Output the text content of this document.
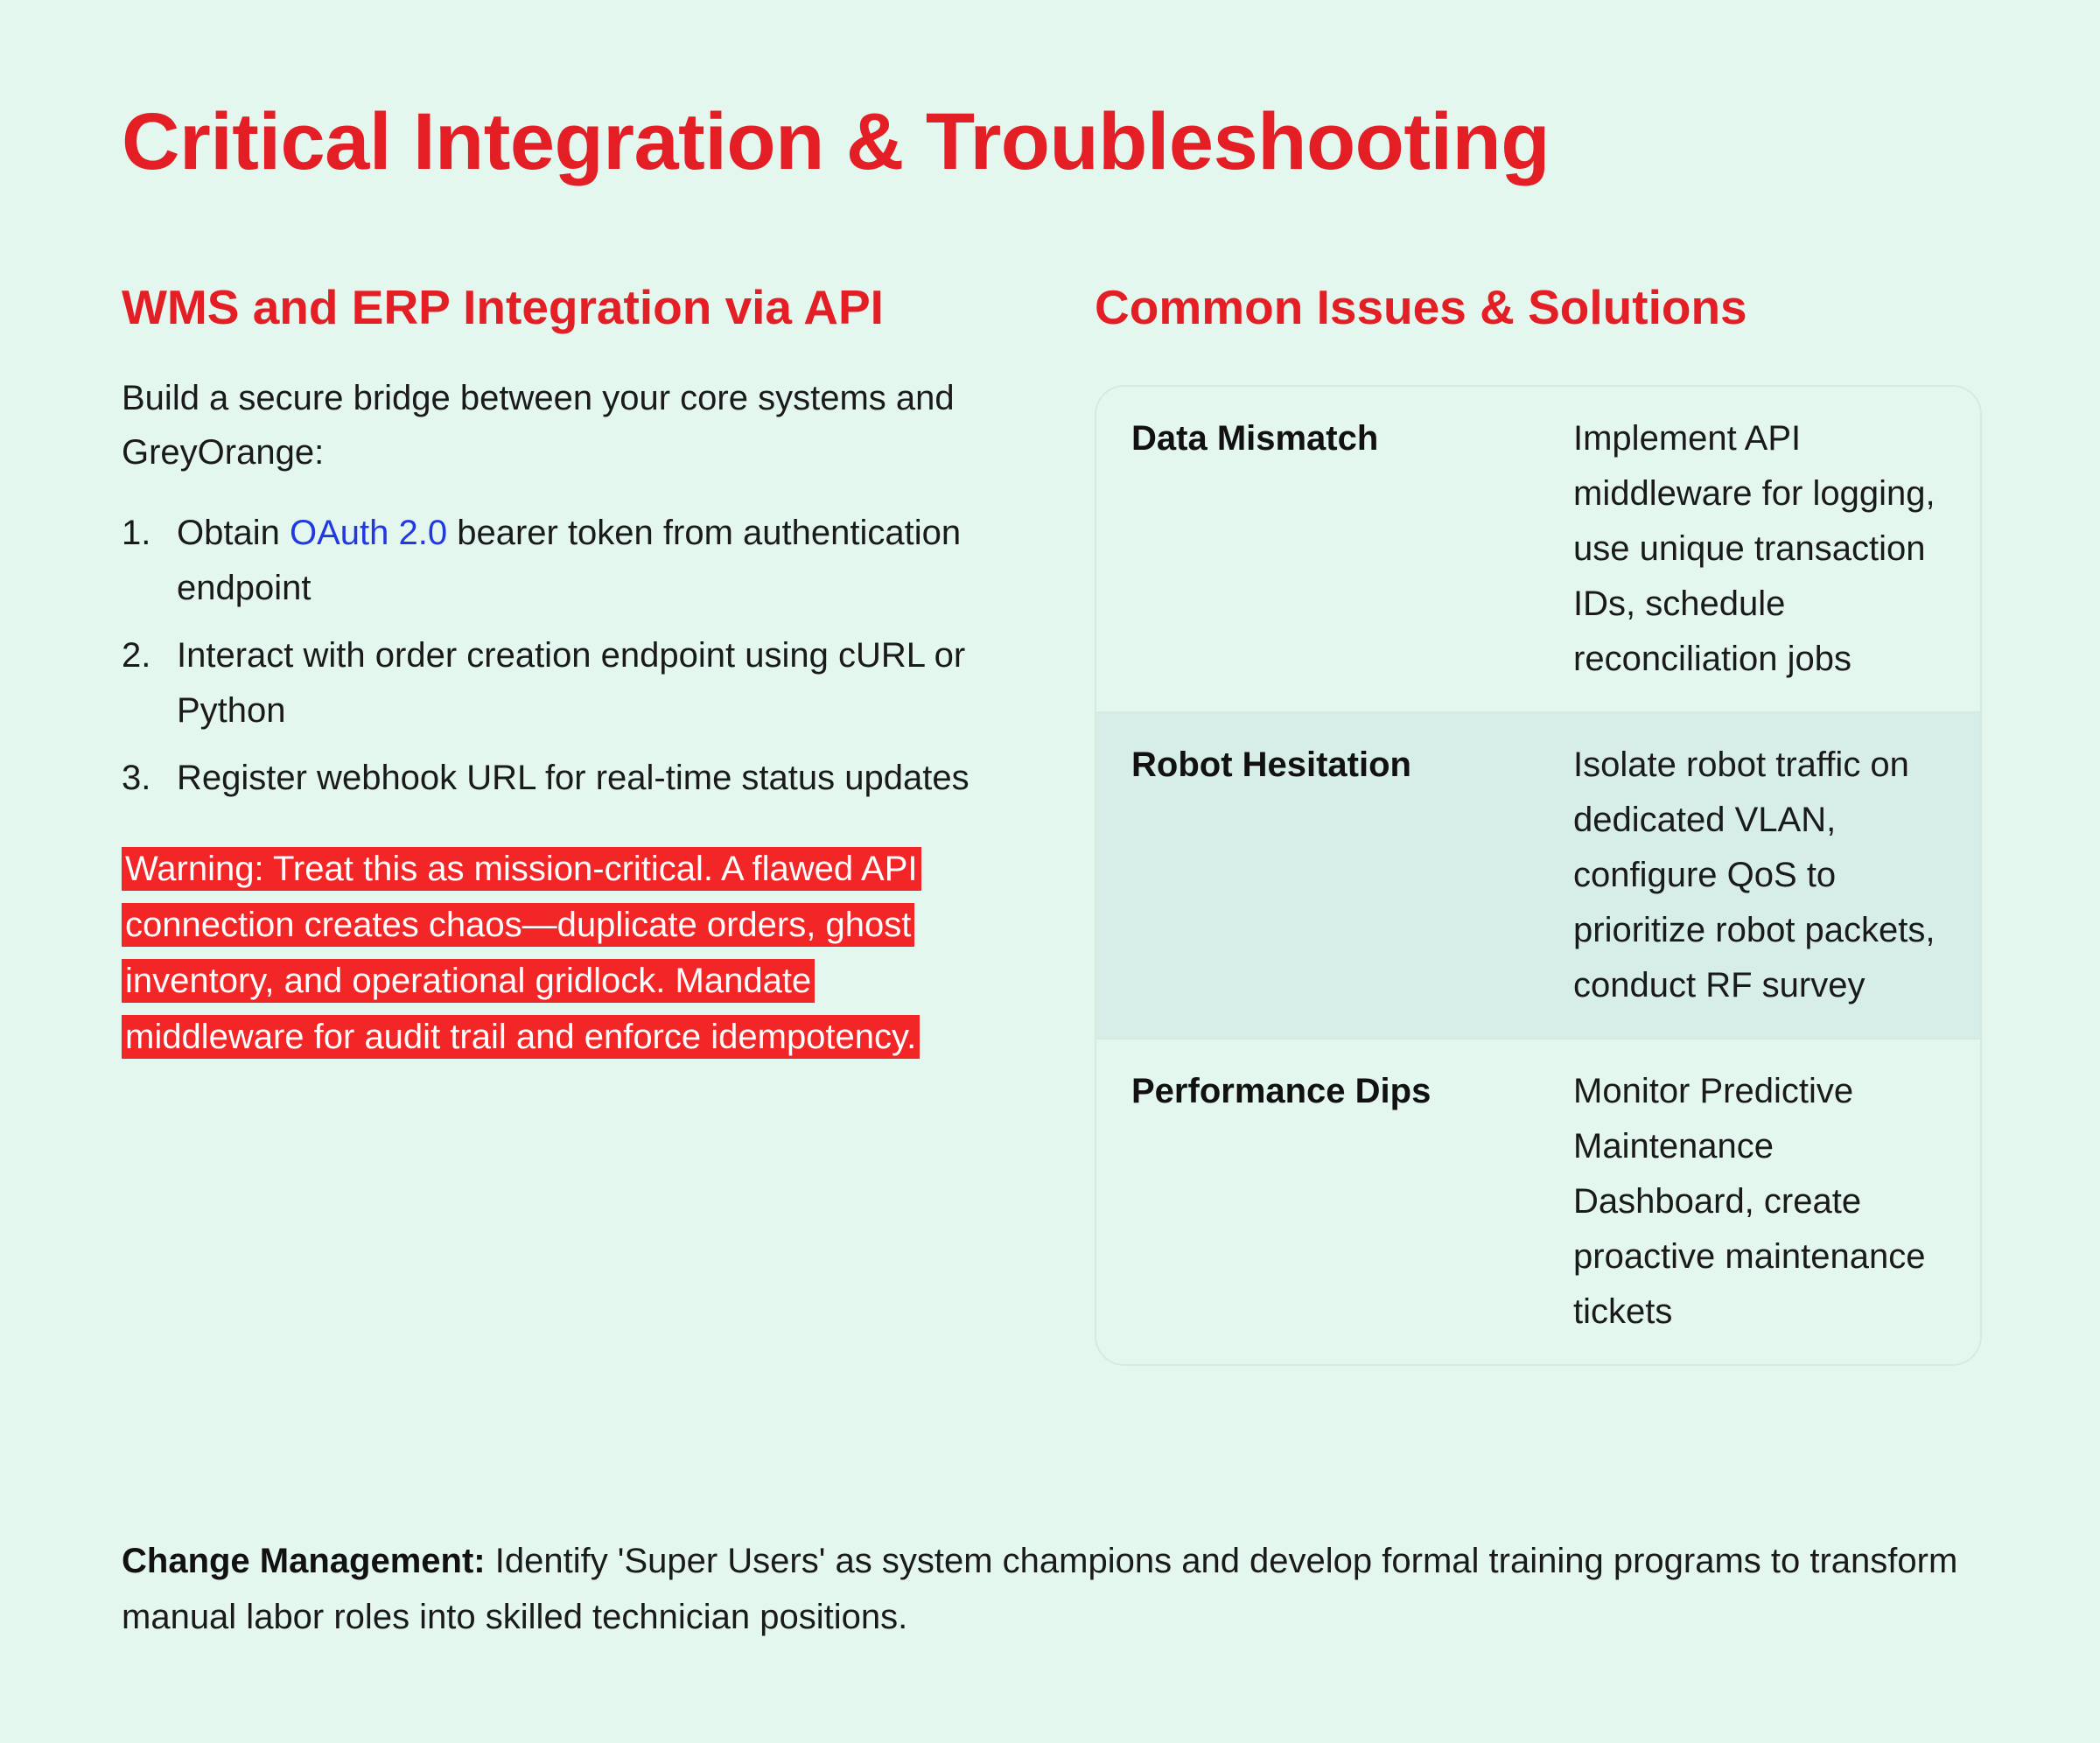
Critical Integration & Troubleshooting
WMS and ERP Integration via API

Build a secure bridge between your core systems and GreyOrange:

1. Obtain OAuth 2.0 bearer token from authentication endpoint
2. Interact with order creation endpoint using cURL or Python
3. Register webhook URL for real-time status updates

Warning: Treat this as mission-critical. A flawed API connection creates chaos—duplicate orders, ghost inventory, and operational gridlock. Mandate middleware for audit trail and enforce idempotency.

Common Issues & Solutions
Data Mismatch	Implement API middleware for logging, use unique transaction IDs, schedule reconciliation jobs
Robot Hesitation	Isolate robot traffic on dedicated VLAN, configure QoS to prioritize robot packets, conduct RF survey
Performance Dips	Monitor Predictive Maintenance Dashboard, create proactive maintenance tickets

Change Management: Identify 'Super Users' as system champions and develop formal training programs to transform manual labor roles into skilled technician positions.
